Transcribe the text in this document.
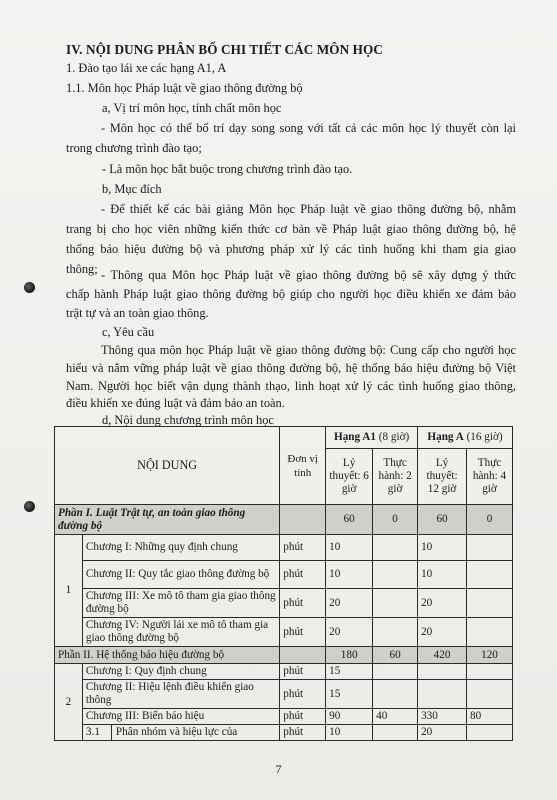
IV. NỘI DUNG PHÂN BỔ CHI TIẾT CÁC MÔN HỌC
1. Đào tạo lái xe các hạng A1, A
1.1. Môn học Pháp luật về giao thông đường bộ
a, Vị trí môn học, tính chất môn học
- Môn học có thể bố trí dạy song song với tất cả các môn học lý thuyết còn lại
trong chương trình đào tạo;
- Là môn học bắt buộc trong chương trình đào tạo.
b, Mục đích
- Để thiết kế các bài giảng Môn học Pháp luật về giao thông đường bộ, nhằm
trang bị cho học viên những kiến thức cơ bản về Pháp luật giao thông đường bộ, hệ
thống báo hiệu đường bộ và phương pháp xử lý các tình huống khi tham gia giao
thông; - Thông qua Môn học Pháp luật về giao thông đường bộ sẽ xây dựng ý thức
chấp hành Pháp luật giao thông đường bộ giúp cho người học điều khiển xe đảm bảo
trật tự và an toàn giao thông.
c, Yêu cầu
Thông qua môn học Pháp luật về giao thông đường bộ: Cung cấp cho người học
hiểu và nắm vững pháp luật về giao thông đường bộ, hệ thống báo hiệu đường bộ Việt
Nam. Người học biết vận dụng thành thạo, linh hoạt xử lý các tình huống giao thông,
điều khiển xe đúng luật và đảm bảo an toàn.
NỘI DUNG		Đơn vị tính	Hạng A1 (8 giờ)		Hạng A (16 giờ)	
			Lý thuyết: 6 giờ	Thực hành: 2 giờ	Lý thuyết: 12 giờ	Thực hành: 4 giờ
Phần I. Luật Trật tự, an toàn giao thông đường bộ			60	0	60	0
1	Chương I: Những quy định chung	phút	10		10	
	Chương II: Quy tắc giao thông đường bộ	phút	10		10	
	Chương III: Xe mô tô tham gia giao thông đường bộ	phút	20		20	
	Chương IV: Người lái xe mô tô tham gia giao thông đường bộ	phút	20		20	
Phần II. Hệ thống báo hiệu đường bộ			180	60	420	120
2	Chương I: Quy định chung	phút	15			
	Chương II: Hiệu lệnh điều khiển giao thông	phút	15			
	Chương III: Biển báo hiệu	phút	90	40	330	80
	3.1 Phân nhóm và hiệu lực của	phút	10		20	
7
d, Nội dung chương trình môn học
